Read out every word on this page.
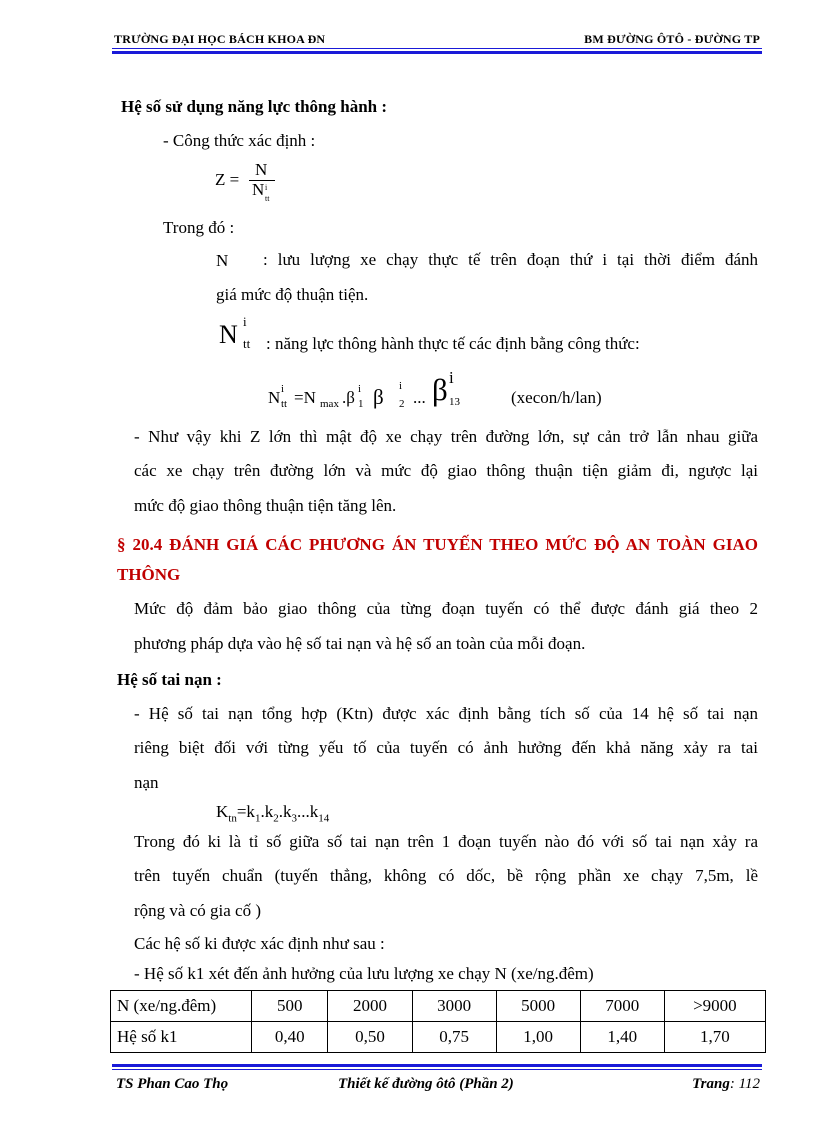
TRƯỜNG ĐẠI HỌC BÁCH KHOA ĐN	BM ĐƯỜNG ÔTÔ - ĐƯỜNG TP
Hệ số sử dụng năng lực thông hành :
- Công thức xác định :
Z =
N
N i
tt
Trong đó :
N : lưu lượng xe chạy thực tế trên đoạn thứ i tại thời điểm đánh
giá mức độ thuận tiện.
N i
tt : năng lực thông hành thực tế các định bằng công thức:
N i
tt =N max .β i
1 β i
2 ... β i
13	(xecon/h/lan)
- Như vậy khi Z lớn thì mật độ xe chạy trên đường lớn, sự cản trở lẫn nhau giữa
các xe chạy trên đường lớn và mức độ giao thông thuận tiện giảm đi, ngược lại
mức độ giao thông thuận tiện tăng lên.
§ 20.4 ĐÁNH GIÁ CÁC PHƯƠNG ÁN TUYẾN THEO MỨC ĐỘ AN TOÀN GIAO
THÔNG
Mức độ đảm bảo giao thông của từng đoạn tuyến có thể được đánh giá theo 2
phương pháp dựa vào hệ số tai nạn và hệ số an toàn của mỗi đoạn.
Hệ số tai nạn :
- Hệ số tai nạn tổng hợp (Ktn) được xác định bằng tích số của 14 hệ số tai nạn
riêng biệt đối với từng yếu tố của tuyến có ảnh hưởng đến khả năng xảy ra tai
nạn
$K_{tn}=k_1.k_2.k_3...k_{14}$
Trong đó ki là tỉ số giữa số tai nạn trên 1 đoạn tuyến nào đó với số tai nạn xảy ra
trên tuyến chuẩn (tuyến thẳng, không có dốc, bề rộng phần xe chạy 7,5m, lề
rộng và có gia cố )
Các hệ số ki được xác định như sau :
- Hệ số k1 xét đến ảnh hưởng của lưu lượng xe chạy N (xe/ng.đêm)
N (xe/ng.đêm)	500	2000	3000	5000	7000	>9000
Hệ số k1	0,40	0,50	0,75	1,00	1,40	1,70
TS Phan Cao Thọ	Thiết kế đường ôtô (Phần 2)	Trang: 112
